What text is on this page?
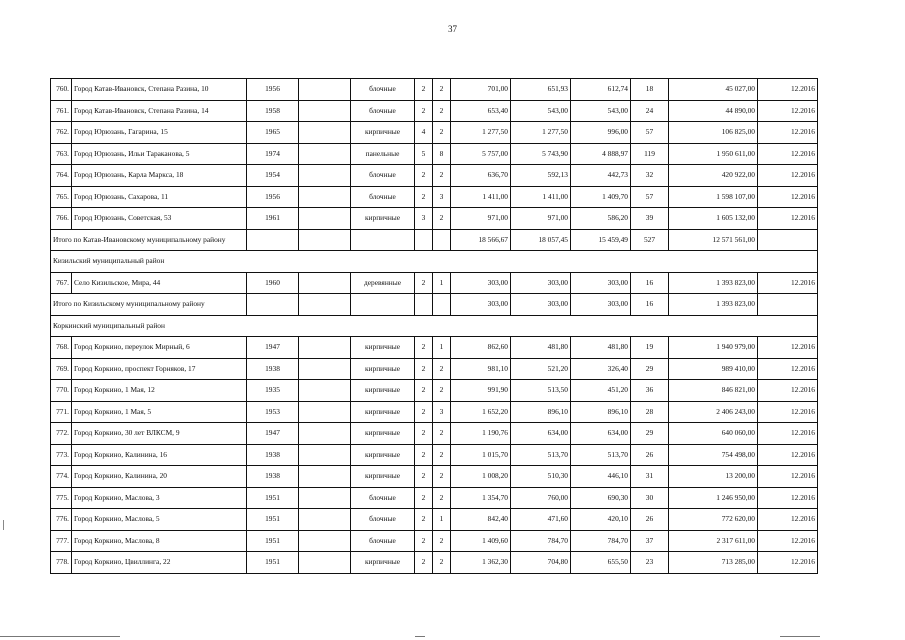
37
760.	Город Катав-Ивановск, Степана Разина, 10	1956		блочные	2	2	701,00	651,93	612,74	18	45 027,00	12.2016
761.	Город Катав-Ивановск, Степана Разина, 14	1958		блочные	2	2	653,40	543,00	543,00	24	44 890,00	12.2016
762.	Город Юрюзань, Гагарина, 15	1965		кирпичные	4	2	1 277,50	1 277,50	996,00	57	106 825,00	12.2016
763.	Город Юрюзань, Ильи Тараканова, 5	1974		панельные	5	8	5 757,00	5 743,90	4 888,97	119	1 950 611,00	12.2016
764.	Город Юрюзань, Карла Маркса, 18	1954		блочные	2	2	636,70	592,13	442,73	32	420 922,00	12.2016
765.	Город Юрюзань, Сахарова, 11	1956		блочные	2	3	1 411,00	1 411,00	1 409,70	57	1 598 107,00	12.2016
766.	Город Юрюзань, Советская, 53	1961		кирпичные	3	2	971,00	971,00	586,20	39	1 605 132,00	12.2016
Итого по Катав-Ивановскому муниципальному району							18 566,67	18 057,45	15 459,49	527	12 571 561,00	
Кизильский муниципальный район												
767.	Село Кизильское, Мира, 44	1960		деревянные	2	1	303,00	303,00	303,00	16	1 393 823,00	12.2016
Итого по Кизильскому муниципальному району							303,00	303,00	303,00	16	1 393 823,00	
Коркинский муниципальный район												
768.	Город Коркино, переулок Мирный, 6	1947		кирпичные	2	1	862,60	481,80	481,80	19	1 940 979,00	12.2016
769.	Город Коркино, проспект Горняков, 17	1938		кирпичные	2	2	981,10	521,20	326,40	29	989 410,00	12.2016
770.	Город Коркино, 1 Мая, 12	1935		кирпичные	2	2	991,90	513,50	451,20	36	846 821,00	12.2016
771.	Город Коркино, 1 Мая, 5	1953		кирпичные	2	3	1 652,20	896,10	896,10	28	2 406 243,00	12.2016
772.	Город Коркино, 30 лет ВЛКСМ, 9	1947		кирпичные	2	2	1 190,76	634,00	634,00	29	640 060,00	12.2016
773.	Город Коркино, Калинина, 16	1938		кирпичные	2	2	1 015,70	513,70	513,70	26	754 498,00	12.2016
774.	Город Коркино, Калинина, 20	1938		кирпичные	2	2	1 008,20	510,30	446,10	31	13 200,00	12.2016
775.	Город Коркино, Маслова, 3	1951		блочные	2	2	1 354,70	760,00	690,30	30	1 246 950,00	12.2016
776.	Город Коркино, Маслова, 5	1951		блочные	2	1	842,40	471,60	420,10	26	772 620,00	12.2016
777.	Город Коркино, Маслова, 8	1951		блочные	2	2	1 409,60	784,70	784,70	37	2 317 611,00	12.2016
778.	Город Коркино, Цвиллинга, 22	1951		кирпичные	2	2	1 362,30	704,80	655,50	23	713 285,00	12.2016
